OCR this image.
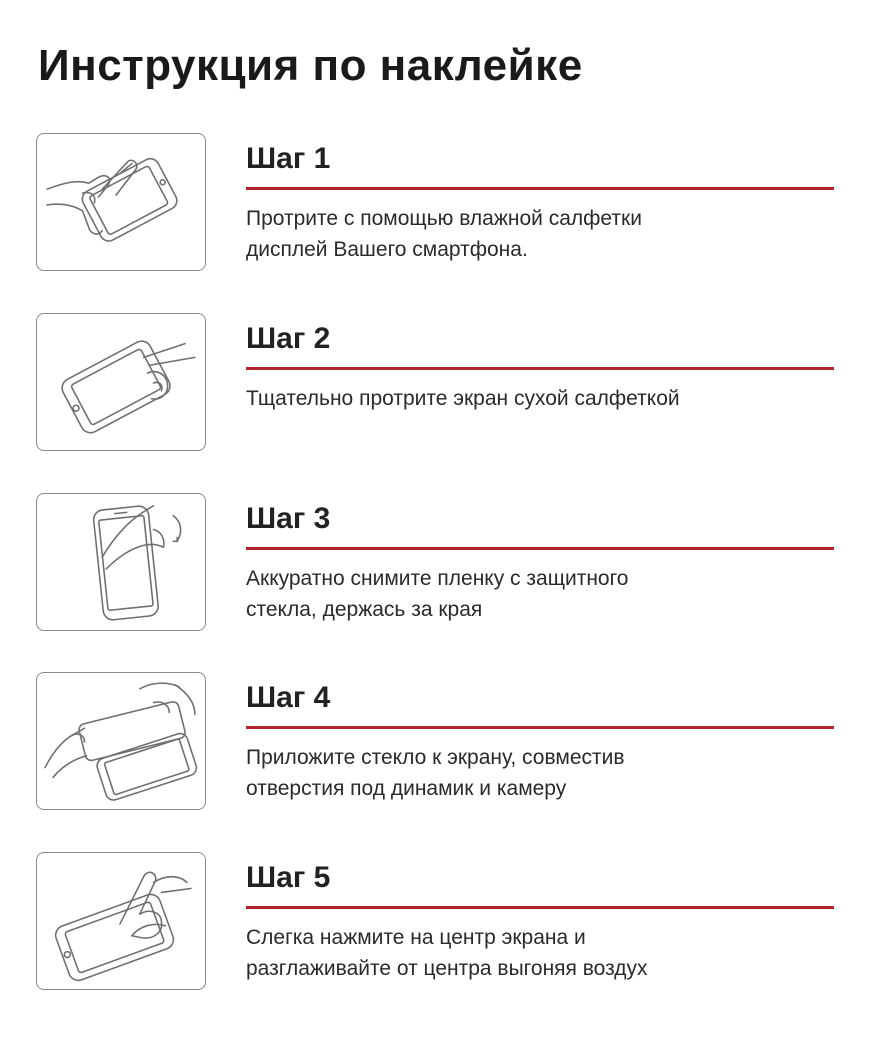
Инструкция по наклейке
Шаг 1
Протрите с помощью влажной салфетки
дисплей Вашего смартфона.
Шаг 2
Тщательно протрите экран сухой салфеткой
Шаг 3
Аккуратно снимите пленку с защитного
стекла, держась за края
Шаг 4
Приложите стекло к экрану, совместив
отверстия под динамик и камеру
Шаг 5
Слегка нажмите на центр экрана и
разглаживайте от центра выгоняя воздух
